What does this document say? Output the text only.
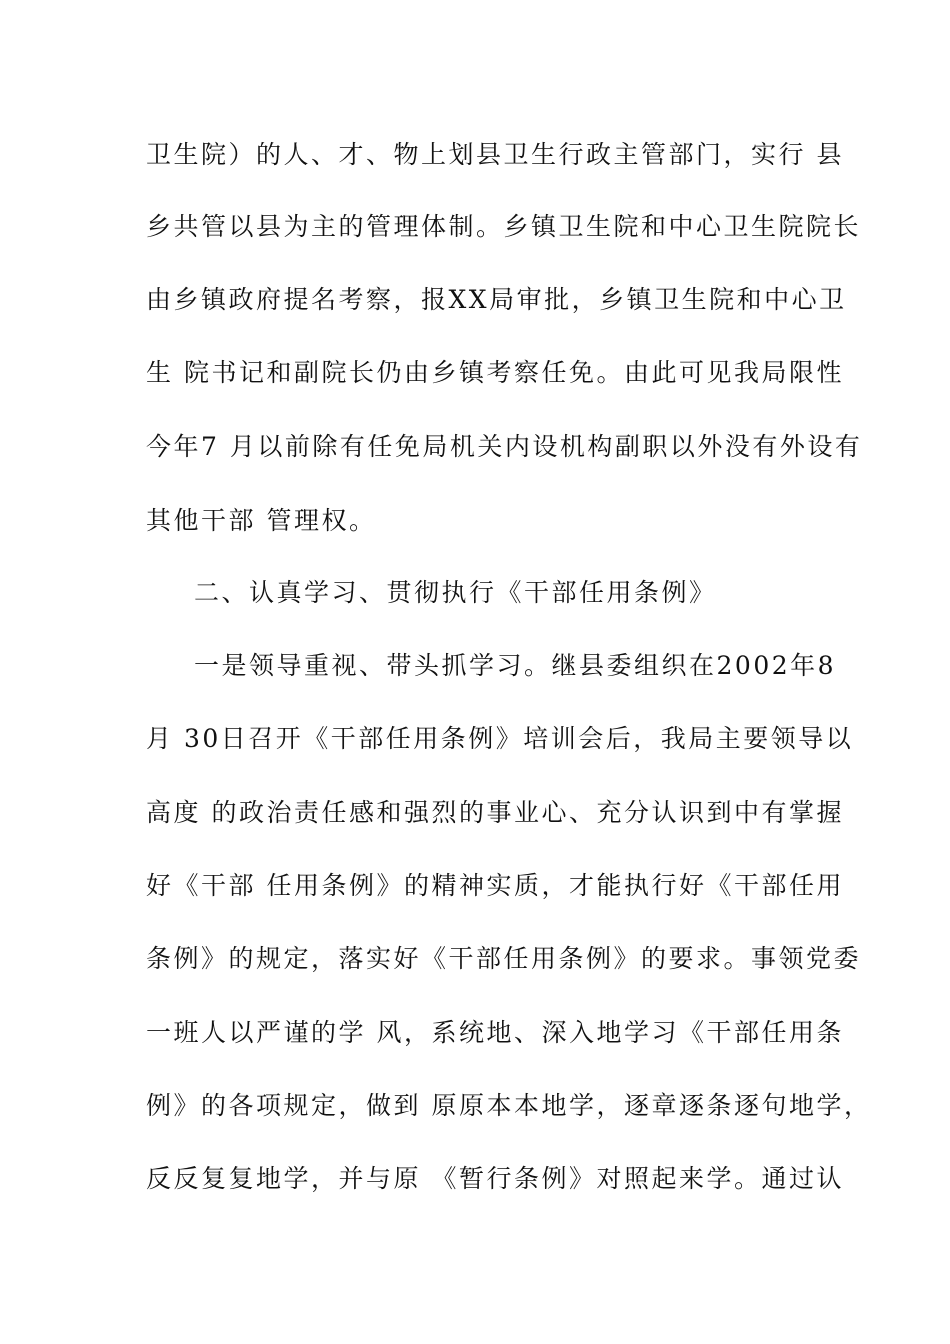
卫生院）的人、才、物上划县卫生行政主管部门，实行 县
乡共管以县为主的管理体制。乡镇卫生院和中心卫生院院长
由乡镇政府提名考察，报XX局审批，乡镇卫生院和中心卫
生 院书记和副院长仍由乡镇考察任免。由此可见我局限性
今年7 月以前除有任免局机关内设机构副职以外没有外设有
其他干部 管理权。
二、认真学习、贯彻执行《干部任用条例》
一是领导重视、带头抓学习。继县委组织在2002年8
月 30日召开《干部任用条例》培训会后，我局主要领导以
高度 的政治责任感和强烈的事业心、充分认识到中有掌握
好《干部 任用条例》的精神实质，才能执行好《干部任用
条例》的规定，落实好《干部任用条例》的要求。事领党委
一班人以严谨的学 风，系统地、深入地学习《干部任用条
例》的各项规定，做到 原原本本地学，逐章逐条逐句地学，
反反复复地学，并与原 《暂行条例》对照起来学。通过认
